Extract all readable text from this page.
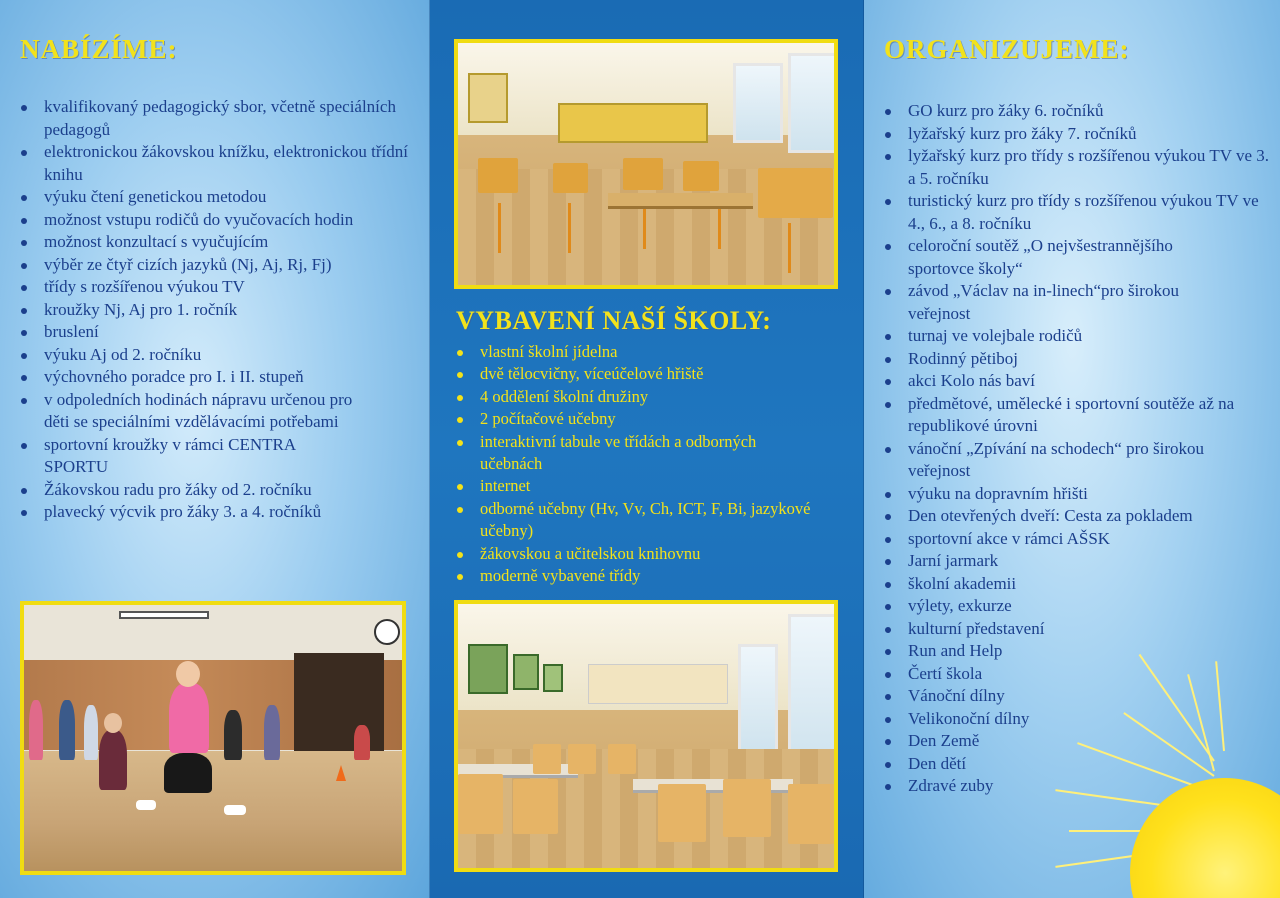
NABÍZÍME:
kvalifikovaný pedagogický sbor, včetně speciálních pedagogů
elektronickou žákovskou knížku, elektronickou třídní knihu
výuku čtení genetickou metodou
možnost vstupu rodičů do vyučovacích hodin
možnost konzultací s vyučujícím
výběr ze čtyř cizích jazyků (Nj, Aj, Rj, Fj)
třídy s rozšířenou výukou TV
kroužky Nj, Aj pro 1. ročník
bruslení
výuku Aj od 2. ročníku
výchovného poradce pro I. i II. stupeň
v odpoledních hodinách nápravu určenou pro děti se speciálními vzdělávacími potřebami
sportovní kroužky v rámci CENTRA SPORTU
Žákovskou radu pro žáky od 2. ročníku
plavecký výcvik pro žáky 3. a 4. ročníků
VYBAVENÍ NAŠÍ ŠKOLY:
vlastní školní jídelna
dvě tělocvičny, víceúčelové hřiště
4 oddělení školní družiny
2 počítačové učebny
interaktivní tabule ve třídách a odborných učebnách
internet
odborné učebny (Hv, Vv, Ch, ICT, F, Bi, jazykové učebny)
žákovskou a učitelskou knihovnu
moderně vybavené třídy
ORGANIZUJEME:
GO kurz pro žáky 6. ročníků
lyžařský kurz pro žáky 7. ročníků
lyžařský kurz pro třídy s rozšířenou výukou TV ve 3. a 5. ročníku
turistický kurz pro třídy s rozšířenou výukou TV ve 4., 6., a 8. ročníku
celoroční soutěž „O nejvšestrannějšího sportovce školy“
závod „Václav na in-linech“pro širokou veřejnost
turnaj ve volejbale rodičů
Rodinný pětiboj
akci Kolo nás baví
předmětové, umělecké i sportovní soutěže až na republikové úrovni
vánoční „Zpívání na schodech“ pro širokou veřejnost
výuku na dopravním hřišti
Den otevřených dveří: Cesta za pokladem
sportovní akce v rámci AŠSK
Jarní jarmark
školní akademii
výlety, exkurze
kulturní představení
Run and Help
Čertí škola
Vánoční dílny
Velikonoční dílny
Den Země
Den dětí
Zdravé zuby
